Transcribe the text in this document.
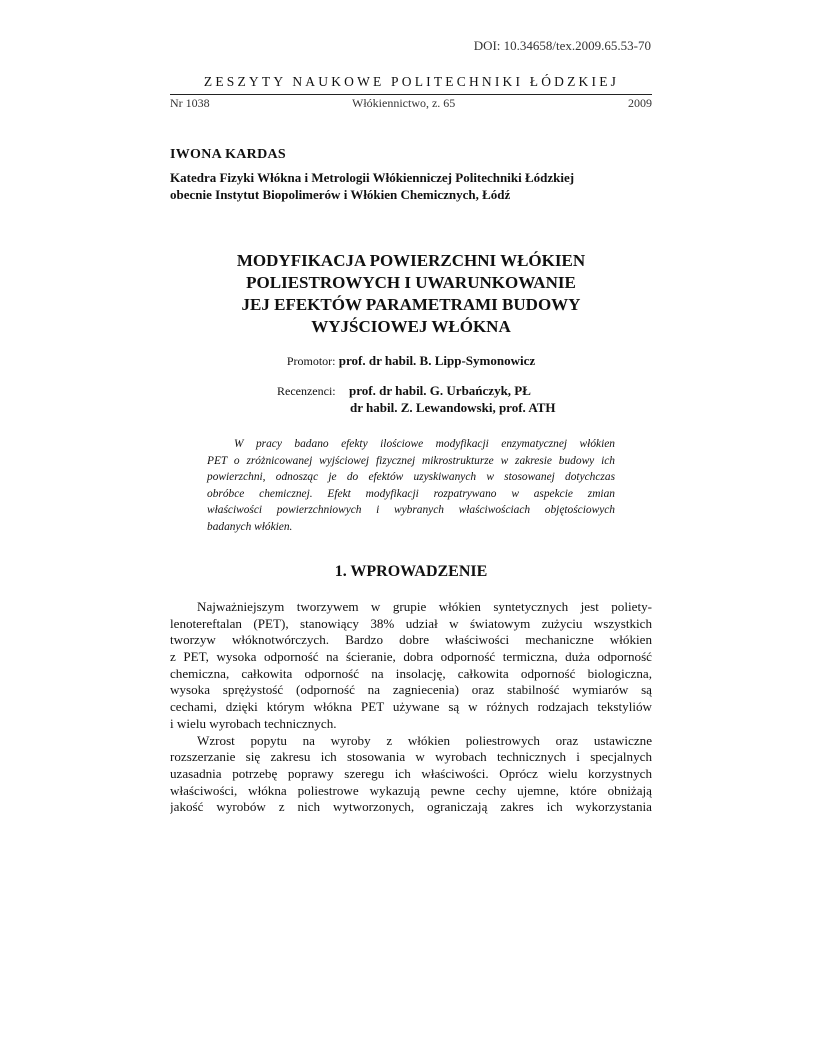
DOI: 10.34658/tex.2009.65.53-70
ZESZYTY NAUKOWE POLITECHNIKI ŁÓDZKIEJ
Nr 1038	Włókiennictwo, z. 65	2009
IWONA KARDAS
Katedra Fizyki Włókna i Metrologii Włókienniczej Politechniki Łódzkiej
obecnie Instytut Biopolimerów i Włókien Chemicznych, Łódź
MODYFIKACJA POWIERZCHNI WŁÓKIEN
POLIESTROWYCH I UWARUNKOWANIE
JEJ EFEKTÓW PARAMETRAMI BUDOWY
WYJŚCIOWEJ WŁÓKNA
Promotor: prof. dr habil. B. Lipp-Symonowicz
Recenzenci: prof. dr habil. G. Urbańczyk, PŁ
dr habil. Z. Lewandowski, prof. ATH
W pracy badano efekty ilościowe modyfikacji enzymatycznej włókien
PET o zróżnicowanej wyjściowej fizycznej mikrostrukturze w zakresie budowy ich
powierzchni, odnosząc je do efektów uzyskiwanych w stosowanej dotychczas
obróbce chemicznej. Efekt modyfikacji rozpatrywano w aspekcie zmian
właściwości powierzchniowych i wybranych właściwościach objętościowych
badanych włókien.
1. WPROWADZENIE
Najważniejszym tworzywem w grupie włókien syntetycznych jest poliety-
lenotereftalan (PET), stanowiący 38% udział w światowym zużyciu wszystkich
tworzyw włóknotwórczych. Bardzo dobre właściwości mechaniczne włókien
z PET, wysoka odporność na ścieranie, dobra odporność termiczna, duża odporność
chemiczna, całkowita odporność na insolację, całkowita odporność biologiczna,
wysoka sprężystość (odporność na zagniecenia) oraz stabilność wymiarów są
cechami, dzięki którym włókna PET używane są w różnych rodzajach tekstyliów
i wielu wyrobach technicznych.
Wzrost popytu na wyroby z włókien poliestrowych oraz ustawiczne
rozszerzanie się zakresu ich stosowania w wyrobach technicznych i specjalnych
uzasadnia potrzebę poprawy szeregu ich właściwości. Oprócz wielu korzystnych
właściwości, włókna poliestrowe wykazują pewne cechy ujemne, które obniżają
jakość wyrobów z nich wytworzonych, ograniczają zakres ich wykorzystania
